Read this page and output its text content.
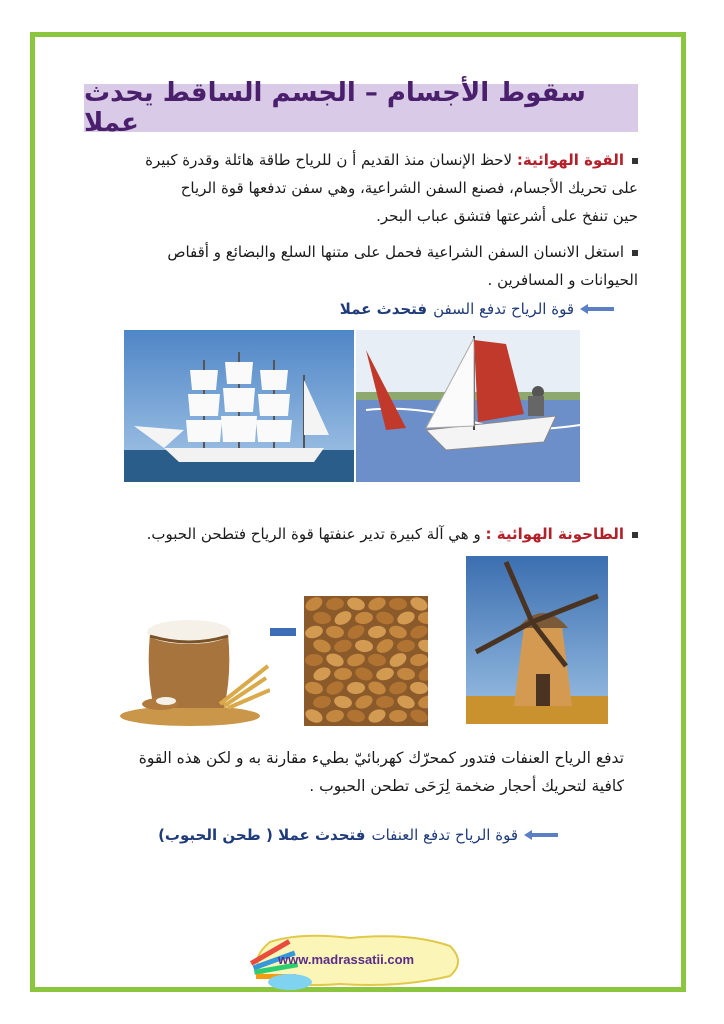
سقوط الأجسام – الجسم الساقط يحدث عملا
القوة الهوائية: لاحظ الإنسان منذ القديم أ ن للرياح طاقة هائلة وقدرة كبيرة
على تحريك الأجسام، فصنع السفن الشراعية، وهي سفن تدفعها قوة الرياح
حين تنفخ على أشرعتها فتشق عباب البحر.
استغل الانسان السفن الشراعية فحمل على متنها السلع والبضائع و أقفاص
الحيوانات و المسافرين .
قوة الرياح تدفع السفن
فتحدث عملا
الطاحونة الهوائية : و هي آلة كبيرة تدير عنفتها قوة الرياح فتطحن الحبوب.
تدفع الرياح العنفات فتدور كمحرّك كهربائيّ بطيء مقارنة به و لكن هذه القوة
كافية لتحريك أحجار ضخمة لِرَحَى تطحن الحبوب .
قوة الرياح تدفع العنفات
فتحدث عملا ( طحن الحبوب)
www.madrassatii.com
